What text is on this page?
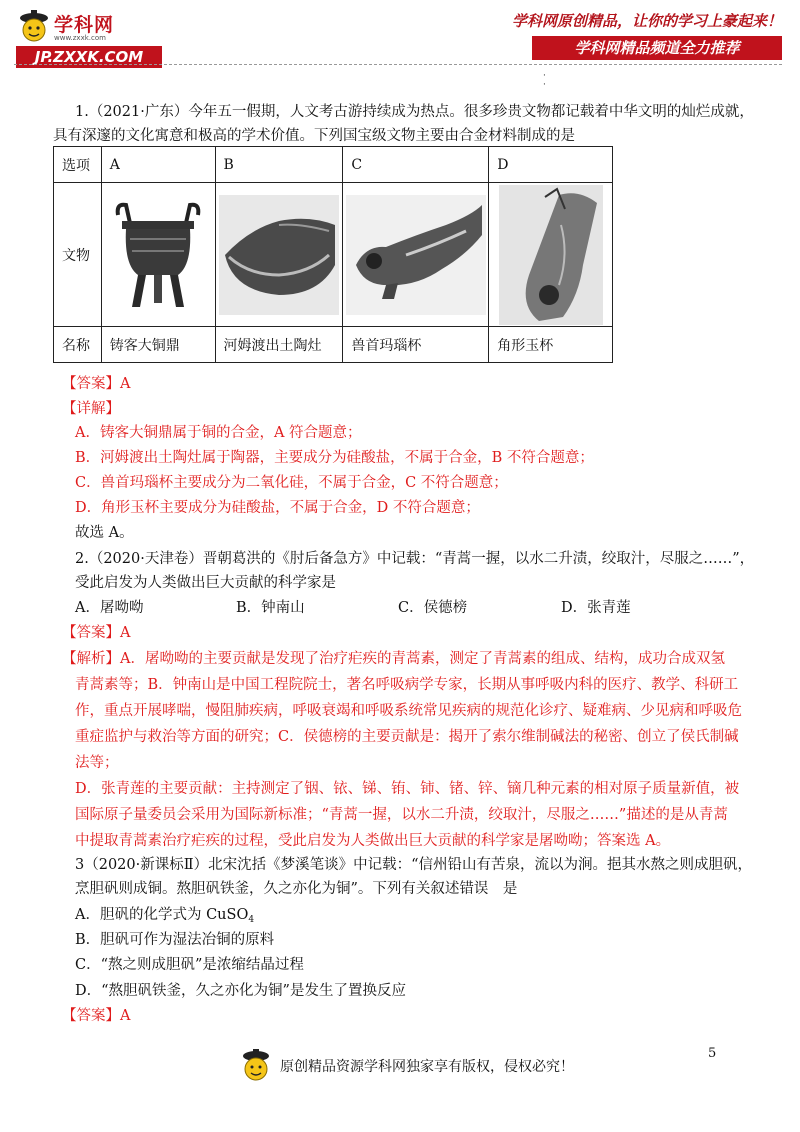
学科网
www.zxxk.com
JP.ZXXK.COM
学科网原创精品，让你的学习上豪起来！
学科网精品频道全力推荐
·
·
1.（2021·广东）今年五一假期，人文考古游持续成为热点。很多珍贵文物都记载着中华文明的灿烂成就，
具有深邃的文化寓意和极高的学术价值。下列国宝级文物主要由合金材料制成的是
选项	A	B	C	D
文物	

名称	铸客大铜鼎	河姆渡出土陶灶	兽首玛瑙杯	角形玉杯
【答案】A
【详解】
A．铸客大铜鼎属于铜的合金，A 符合题意；
B．河姆渡出土陶灶属于陶器，主要成分为硅酸盐，不属于合金，B 不符合题意；
C．兽首玛瑙杯主要成分为二氧化硅，不属于合金，C 不符合题意；
D．角形玉杯主要成分为硅酸盐，不属于合金，D 不符合题意；
故选 A。
2.（2020·天津卷）晋朝葛洪的《肘后备急方》中记载：“青蒿一握，以水二升渍，绞取汁，尽服之……”，
受此启发为人类做出巨大贡献的科学家是
A．屠呦呦	B．钟南山	C．侯德榜	D．张青莲
【答案】A
【解析】A．屠呦呦的主要贡献是发现了治疗疟疾的青蒿素，测定了青蒿素的组成、结构，成功合成双氢
青蒿素等；B．钟南山是中国工程院院士，著名呼吸病学专家，长期从事呼吸内科的医疗、教学、科研工
作，重点开展哮喘，慢阻肺疾病，呼吸衰竭和呼吸系统常见疾病的规范化诊疗、疑难病、少见病和呼吸危
重症监护与救治等方面的研究；C．侯德榜的主要贡献是：揭开了索尔维制碱法的秘密、创立了侯氏制碱
法等；
D．张青莲的主要贡献：主持测定了铟、铱、锑、铕、铈、锗、锌、镝几种元素的相对原子质量新值，被
国际原子量委员会采用为国际新标准；“青蒿一握，以水二升渍，绞取汁，尽服之……”描述的是从青蒿
中提取青蒿素治疗疟疾的过程，受此启发为人类做出巨大贡献的科学家是屠呦呦；答案选 A。
3（2020·新课标Ⅱ）北宋沈括《梦溪笔谈》中记载：“信州铅山有苦泉，流以为涧。挹其水熬之则成胆矾，
烹胆矾则成铜。熬胆矾铁釜，久之亦化为铜”。下列有关叙述错误　是
A．胆矾的化学式为 CuSO$_4$
B．胆矾可作为湿法冶铜的原料
C．“熬之则成胆矾”是浓缩结晶过程
D．“熬胆矾铁釜，久之亦化为铜”是发生了置换反应
【答案】A
5
原创精品资源学科网独家享有版权，侵权必究！
